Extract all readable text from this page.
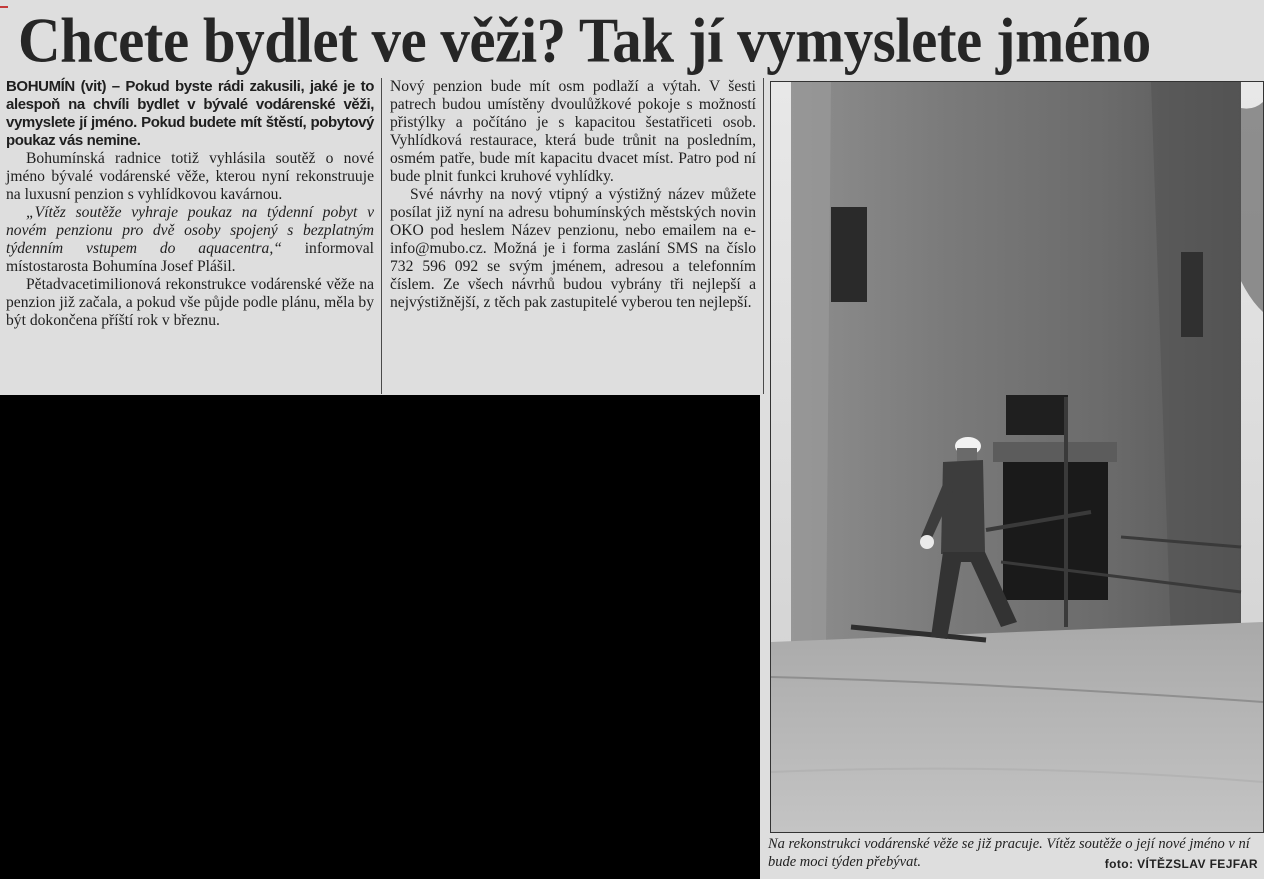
Chcete bydlet ve věži? Tak jí vymyslete jméno

BOHUMÍN (vit) – Pokud byste rádi zakusili, jaké je to alespoň na chvíli bydlet v bývalé vodárenské věži, vymyslete jí jméno. Pokud budete mít štěstí, pobytový poukaz vás nemine.

Bohumínská radnice totiž vyhlásila soutěž o nové jméno bývalé vodárenské věže, kterou nyní rekonstruuje na luxusní penzion s vyhlídkovou kavárnou.

„Vítěz soutěže vyhraje poukaz na týdenní pobyt v novém penzionu pro dvě osoby spojený s bezplatným týdenním vstupem do aquacentra,“ informoval místostarosta Bohumína Josef Plášil.

Pětadvacetimilionová rekonstrukce vodárenské věže na penzion již začala, a pokud vše půjde podle plánu, měla by být dokončena příští rok v březnu.

Nový penzion bude mít osm podlaží a výtah. V šesti patrech budou umístěny dvoulůžkové pokoje s možností přistýlky a počítáno je s kapacitou šestatřiceti osob. Vyhlídková restaurace, která bude trůnit na posledním, osmém patře, bude mít kapacitu dvacet míst. Patro pod ní bude plnit funkci kruhové vyhlídky.

Své návrhy na nový vtipný a výstižný název můžete posílat již nyní na adresu bohumínských městských novin OKO pod heslem Název penzionu, nebo emailem na e-info@mubo.cz. Možná je i forma zaslání SMS na číslo 732 596 092 se svým jménem, adresou a telefonním číslem. Ze všech návrhů budou vybrány tři nejlepší a nejvýstižnější, z těch pak zastupitelé vyberou ten nejlepší.

Na rekonstrukci vodárenské věže se již pracuje. Vítěz soutěže o její nové jméno v ní bude moci týden přebývat.	foto: VÍTĚZSLAV FEJFAR
